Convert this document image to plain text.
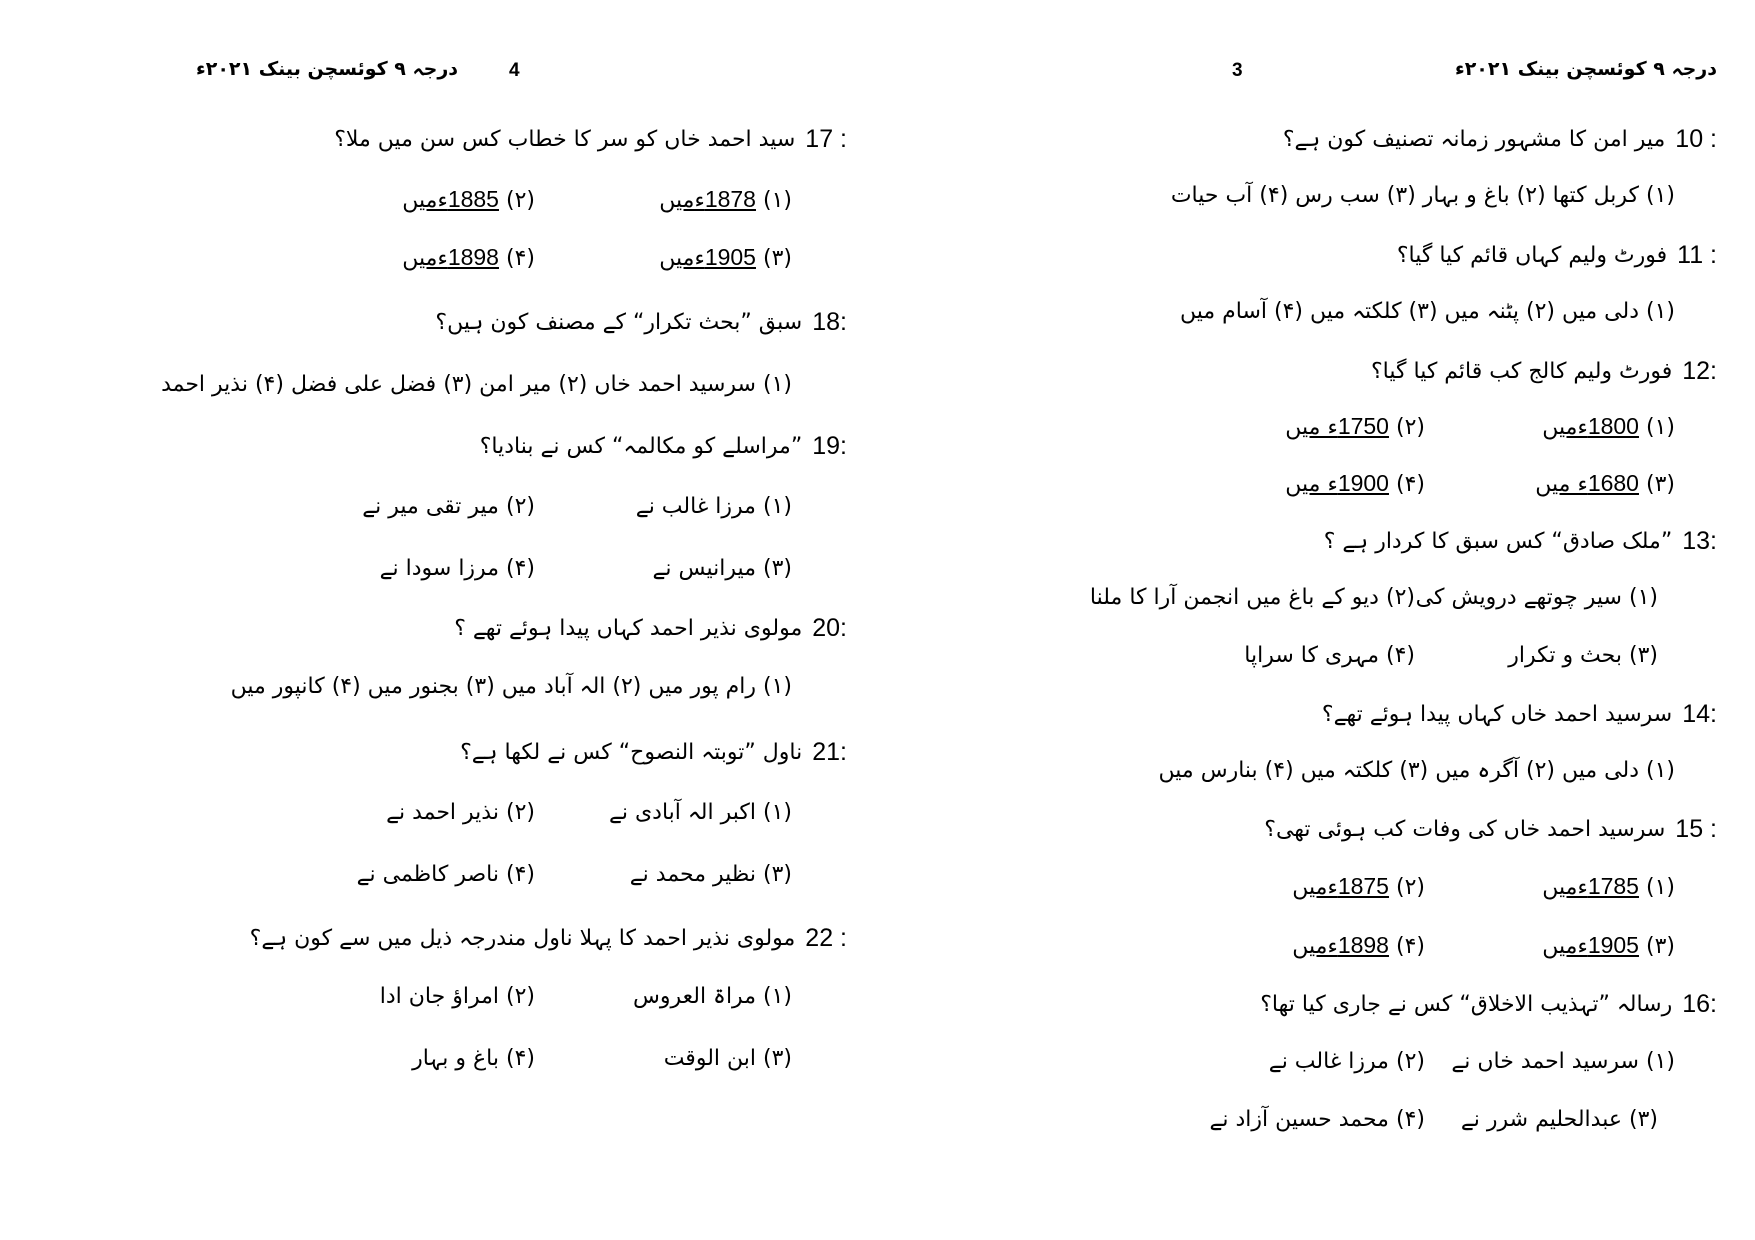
درجہ ۹ کوئسچن بینک ۲۰۲۱ء	4
17 :
سید احمد خاں کو سر کا خطاب کس سن میں ملا؟
(۱) 1878ءمیں
(۲) 1885ءمیں
(۳) 1905ءمیں
(۴) 1898ءمیں
18:
سبق ”بحث تکرار“ کے مصنف کون ہیں؟
(۱) سرسید احمد خاں (۲) میر امن (۳) فضل علی فضل (۴) نذیر احمد
19:
”مراسلے کو مکالمہ“ کس نے بنادیا؟
(۱) مرزا غالب نے
(۲) میر تقی میر نے
(۳) میرانیس نے
(۴) مرزا سودا نے
20:
مولوی نذیر احمد کہاں پیدا ہوئے تھے ؟
(۱) رام پور میں (۲) الہ آباد میں (۳) بجنور میں (۴) کانپور میں
21:
ناول ”توبتہ النصوح“ کس نے لکھا ہے؟
(۱) اکبر الہ آبادی نے
(۲) نذیر احمد نے
(۳) نظیر محمد نے
(۴) ناصر کاظمی نے
22 :
مولوی نذیر احمد کا پہلا ناول مندرجہ ذیل میں سے کون ہے؟
(۱) مراۃ العروس
(۲) امراؤ جان ادا
(۳) ابن الوقت
(۴) باغ و بہار
درجہ ۹ کوئسچن بینک ۲۰۲۱ء
3
10 :
میر امن کا مشہور زمانہ تصنیف کون ہے؟
(۱) کربل کتھا (۲) باغ و بہار (۳) سب رس (۴) آب حیات
11 :
فورٹ ولیم کہاں قائم کیا گیا؟
(۱) دلی میں (۲) پٹنہ میں (۳) کلکتہ میں (۴) آسام میں
12:
فورٹ ولیم کالج کب قائم کیا گیا؟
(۱) 1800ءمیں
(۲) 1750ء میں
(۳) 1680ء میں
(۴) 1900ء میں
13:
”ملک صادق“ کس سبق کا کردار ہے ؟
(۱) سیر چوتھے درویش کی
(۲) دیو کے باغ میں انجمن آرا کا ملنا
(۳) بحث و تکرار
(۴) مہری کا سراپا
14:
سرسید احمد خاں کہاں پیدا ہوئے تھے؟
(۱) دلی میں (۲) آگرہ میں (۳) کلکتہ میں (۴) بنارس میں
15 :
سرسید احمد خاں کی وفات کب ہوئی تھی؟
(۱) 1785ءمیں
(۲) 1875ءمیں
(۳) 1905ءمیں
(۴) 1898ءمیں
16:
رسالہ ”تہذیب الاخلاق“ کس نے جاری کیا تھا؟
(۱) سرسید احمد خاں نے
(۲) مرزا غالب نے
(۳) عبدالحلیم شرر نے
(۴) محمد حسین آزاد نے
